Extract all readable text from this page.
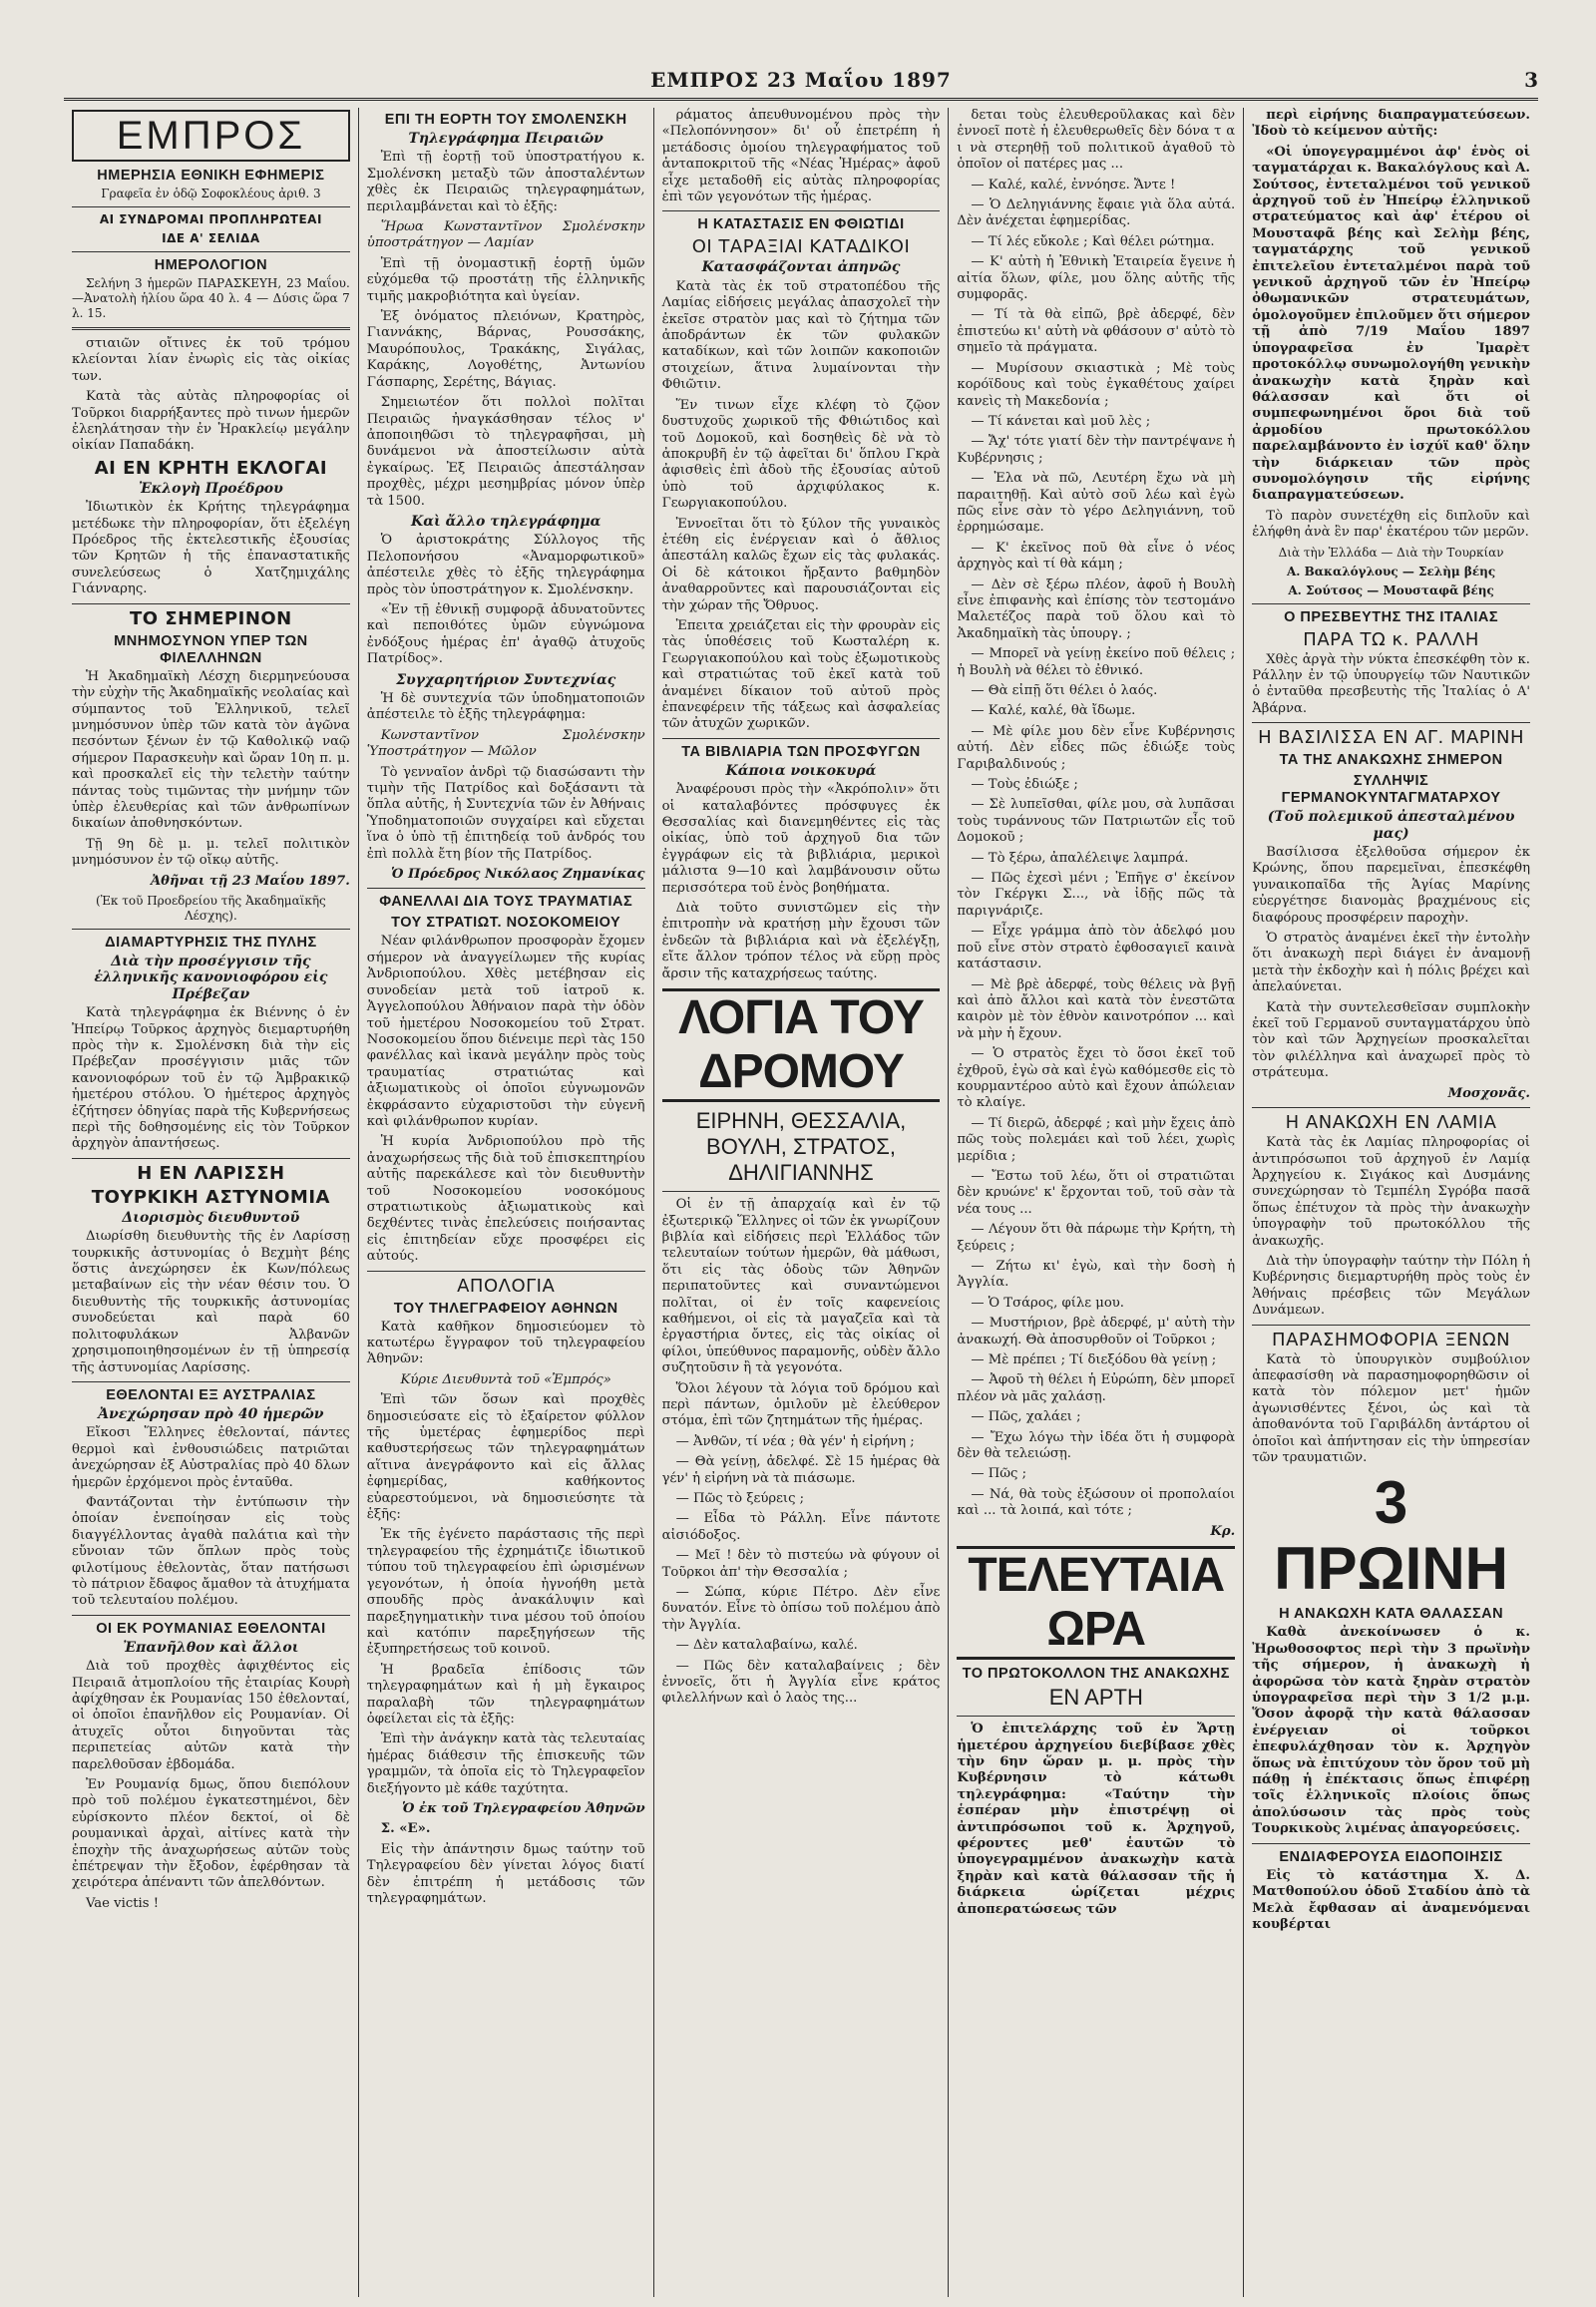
ΕΜΠΡΟΣ 23 Μαΐου 1897	3
ΕΜΠΡΟΣ
ΗΜΕΡΗΣΙΑ ΕΘΝΙΚΗ ΕΦΗΜΕΡΙΣ

Γραφεῖα ἐν ὁδῷ Σοφοκλέους ἀριθ. 3

ΑΙ ΣΥΝΔΡΟΜΑΙ ΠΡΟΠΛΗΡΩΤΕΑΙ
ΙΔΕ Α' ΣΕΛΙΔΑ
ΗΜΕΡΟΛΟΓΙΟΝ

Σελήνη 3 ἡμερῶν ΠΑΡΑΣΚΕΥΗ, 23 Μαΐου.—Ἀνατολὴ ἡλίου ὥρα 40 λ. 4 — Δύσις ὥρα 7 λ. 15.

στιαιῶν οἴτινες ἐκ τοῦ τρόμου κλείονται λίαν ἐνωρὶς εἰς τὰς οἰκίας των.

Κατὰ τὰς αὐτὰς πληροφορίας οἱ Τοῦρκοι διαρρήξαντες πρὸ τινων ἡμερῶν ἐλεηλάτησαν τὴν ἐν Ἡρακλείῳ μεγάλην οἰκίαν Παπαδάκη.

ΑΙ ΕΝ ΚΡΗΤΗ ΕΚΛΟΓΑΙ
Ἐκλογὴ Προέδρου

Ἰδιωτικὸν ἐκ Κρήτης τηλεγράφημα μετέδωκε τὴν πληροφορίαν, ὅτι ἐξελέγη Πρόεδρος τῆς ἐκτελεστικῆς ἐξουσίας τῶν Κρητῶν ἡ τῆς ἐπαναστατικῆς συνελεύσεως ὁ Χατζημιχάλης Γιάνναρης.

ΤΟ ΣΗΜΕΡΙΝΟΝ
ΜΝΗΜΟΣΥΝΟΝ ΥΠΕΡ ΤΩΝ ΦΙΛΕΛΛΗΝΩΝ

Ἡ Ἀκαδημαϊκὴ Λέσχη διερμηνεύουσα τὴν εὐχὴν τῆς Ἀκαδημαϊκῆς νεολαίας καὶ σύμπαντος τοῦ Ἑλληνικοῦ, τελεῖ μνημόσυνον ὑπὲρ τῶν κατὰ τὸν ἀγῶνα πεσόντων ξένων ἐν τῷ Καθολικῷ ναῷ σήμερον Παρασκευὴν καὶ ὥραν 10η π. μ. καὶ προσκαλεῖ εἰς τὴν τελετὴν ταύτην πάντας τοὺς τιμῶντας τὴν μνήμην τῶν ὑπὲρ ἐλευθερίας καὶ τῶν ἀνθρωπίνων δικαίων ἀποθνησκόντων.

Τῇ 9η δὲ μ. μ. τελεῖ πολιτικὸν μνημόσυνον ἐν τῷ οἴκῳ αὐτῆς.

Ἀθῆναι τῇ 23 Μαΐου 1897.

(Ἐκ τοῦ Προεδρείου τῆς Ἀκαδημαϊκῆς Λέσχης).

ΔΙΑΜΑΡΤΥΡΗΣΙΣ ΤΗΣ ΠΥΛΗΣ
Διὰ τὴν προσέγγισιν τῆς ἑλληνικῆς κανονιοφόρου εἰς Πρέβεζαν

Κατὰ τηλεγράφημα ἐκ Βιέννης ὁ ἐν Ἠπείρῳ Τοῦρκος ἀρχηγὸς διεμαρτυρήθη πρὸς τὴν κ. Σμολένσκη διὰ τὴν εἰς Πρέβεζαν προσέγγισιν μιᾶς τῶν κανονιοφόρων τοῦ ἐν τῷ Ἀμβρακικῷ ἡμετέρου στόλου. Ὁ ἡμέτερος ἀρχηγὸς ἐζήτησεν ὁδηγίας παρὰ τῆς Κυβερνήσεως περὶ τῆς δοθησομένης εἰς τὸν Τοῦρκον ἀρχηγὸν ἀπαντήσεως.

Η ΕΝ ΛΑΡΙΣΣΗ
ΤΟΥΡΚΙΚΗ ΑΣΤΥΝΟΜΙΑ
Διορισμὸς διευθυντοῦ

Διωρίσθη διευθυντὴς τῆς ἐν Λαρίσσῃ τουρκικῆς ἀστυνομίας ὁ Βεχμὴτ βέης ὅστις ἀνεχώρησεν ἐκ Κων/πόλεως μεταβαίνων εἰς τὴν νέαν θέσιν του. Ὁ διευθυντὴς τῆς τουρκικῆς ἀστυνομίας συνοδεύεται καὶ παρὰ 60 πολιτοφυλάκων Ἀλβανῶν χρησιμοποιηθησομένων ἐν τῇ ὑπηρεσίᾳ τῆς ἀστυνομίας Λαρίσσης.

ΕΘΕΛΟΝΤΑΙ ΕΞ ΑΥΣΤΡΑΛΙΑΣ
Ἀνεχώρησαν πρὸ 40 ἡμερῶν

Εἴκοσι Ἕλληνες ἐθελονταί, πάντες θερμοὶ καὶ ἐνθουσιώδεις πατριῶται ἀνεχώρησαν ἐξ Αὐστραλίας πρὸ 40 δλων ἡμερῶν ἐρχόμενοι πρὸς ἐνταῦθα.

Φαντάζονται τὴν ἐντύπωσιν τὴν ὁποίαν ἐνεποίησαν εἰς τοὺς διαγγέλλοντας ἀγαθὰ παλάτια καὶ τὴν εὔνοιαν τῶν ὅπλων πρὸς τοὺς φιλοτίμους ἐθελοντὰς, ὅταν πατήσωσι τὸ πάτριον ἔδαφος ἄμαθον τὰ ἀτυχήματα τοῦ τελευταίου πολέμου.

ΟΙ ΕΚ ΡΟΥΜΑΝΙΑΣ ΕΘΕΛΟΝΤΑΙ
Ἐπανῆλθον καὶ ἄλλοι

Διὰ τοῦ προχθὲς ἀφιχθέντος εἰς Πειραιᾶ ἀτμοπλοίου τῆς ἑταιρίας Κουρὴ ἀφίχθησαν ἐκ Ρουμανίας 150 ἐθελονταί, οἱ ὁποῖοι ἐπανῆλθον εἰς Ρουμανίαν. Οἱ ἀτυχεῖς οὗτοι διηγοῦνται τὰς περιπετείας αὐτῶν κατὰ τὴν παρελθοῦσαν ἑβδομάδα.

Ἐν Ρουμανίᾳ δμως, ὅπου διεπόλουν πρὸ τοῦ πολέμου ἐγκατεστημένοι, δὲν εὐρίσκοντο πλέον δεκτοί, οἱ δὲ ρουμανικαὶ ἀρχαὶ, αἰτίνες κατὰ τὴν ἐποχὴν τῆς ἀναχωρήσεως αὐτῶν τοὺς ἐπέτρεψαν τὴν ἔξοδον, ἐφέρθησαν τὰ χειρότερα ἀπέναντι τῶν ἀπελθόντων.

Vae victis !

ΕΠΙ ΤΗ ΕΟΡΤΗ ΤΟΥ ΣΜΟΛΕΝΣΚΗ
Τηλεγράφημα Πειραιῶν

Ἐπὶ τῇ ἑορτῇ τοῦ ὑποστρατήγου κ. Σμολένσκη μεταξὺ τῶν ἀποσταλέντων χθὲς ἐκ Πειραιῶς τηλεγραφημάτων, περιλαμβάνεται καὶ τὸ ἑξῆς:

Ἥρωα Κωνσταντῖνον Σμολένσκην ὑποστράτηγον — Λαμίαν

Ἐπὶ τῇ ὀνομαστικῇ ἑορτῇ ὑμῶν εὐχόμεθα τῷ προστάτῃ τῆς ἑλληνικῆς τιμῆς μακροβιότητα καὶ ὑγείαν.

Ἐξ ὀνόματος πλειόνων, Κρατηρὸς, Γιαννάκης, Βάρνας, Ρουσσάκης, Μαυρόπουλος, Τρακάκης, Σιγάλας, Καράκης, Λογοθέτης, Ἀντωνίου Γάσπαρης, Σερέτης, Βάγιας.

Σημειωτέον ὅτι πολλοὶ πολῖται Πειραιῶς ἠναγκάσθησαν τέλος ν' ἀποποιηθῶσι τὸ τηλεγραφῆσαι, μὴ δυνάμενοι νὰ ἀποστείλωσιν αὐτὰ ἐγκαίρως. Ἐξ Πειραιῶς ἀπεστάλησαν προχθὲς, μέχρι μεσημβρίας μόνον ὑπὲρ τὰ 1500.

Καὶ ἄλλο τηλεγράφημα

Ὁ ἀριστοκράτης Σύλλογος τῆς Πελοπονήσου «Ἀναμορφωτικοῦ» ἀπέστειλε χθὲς τὸ ἑξῆς τηλεγράφημα πρὸς τὸν ὑποστράτηγον κ. Σμολένσκην.

«Ἐν τῇ ἐθνικῇ συμφορᾷ ἀδυνατοῦντες καὶ πεποιθότες ὑμῶν εὐγνώμονα ἐνδόξους ἡμέρας ἐπ' ἀγαθῷ ἀτυχοῦς Πατρίδος».

Συγχαρητήριον Συντεχνίας

Ἡ δὲ συντεχνία τῶν ὑποδηματοποιῶν ἀπέστειλε τὸ ἑξῆς τηλεγράφημα:

Κωνσταντῖνον Σμολένσκην Ὑποστράτηγον — Μῶλον

Τὸ γενναῖον ἀνδρὶ τῷ διασώσαντι τὴν τιμὴν τῆς Πατρίδος καὶ δοξάσαντι τὰ ὅπλα αὐτῆς, ἡ Συντεχνία τῶν ἐν Ἀθήναις Ὑποδηματοποιῶν συγχαίρει καὶ εὔχεται ἵνα ὁ ὑπὸ τῇ ἐπιτηδείᾳ τοῦ ἀνδρός του ἐπὶ πολλὰ ἔτη βίον τῆς Πατρίδος.

Ὁ Πρόεδρος Νικόλαος Ζημανίκας

ΦΑΝΕΛΛΑΙ ΔΙΑ ΤΟΥΣ ΤΡΑΥΜΑΤΙΑΣ
ΤΟΥ ΣΤΡΑΤΙΩΤ. ΝΟΣΟΚΟΜΕΙΟΥ

Νέαν φιλάνθρωπον προσφορὰν ἔχομεν σήμερον νὰ ἀναγγείλωμεν τῆς κυρίας Ἀνδριοπούλου. Χθὲς μετέβησαν εἰς συνοδείαν μετὰ τοῦ ἰατροῦ κ. Ἀγγελοπούλου Ἀθήναιον παρὰ τὴν ὁδὸν τοῦ ἡμετέρου Νοσοκομείου τοῦ Στρατ. Νοσοκομείου ὅπου διένειμε περὶ τὰς 150 φανέλλας καὶ ἱκανὰ μεγάλην πρὸς τοὺς τραυματίας στρατιώτας καὶ ἀξιωματικοὺς οἱ ὁποῖοι εὐγνωμονῶν ἐκφράσαντο εὐχαριστοῦσι τὴν εὐγενῆ καὶ φιλάνθρωπον κυρίαν.

Ἡ κυρία Ἀνδριοπούλου πρὸ τῆς ἀναχωρήσεως τῆς διὰ τοῦ ἐπισκεπτηρίου αὐτῆς παρεκάλεσε καὶ τὸν διευθυντὴν τοῦ Νοσοκομείου νοσοκόμους στρατιωτικοὺς ἀξιωματικοὺς καὶ δεχθέντες τινὰς ἐπελεύσεις ποιήσαντας εἰς ἐπιτηδείαν εὔχε προσφέρει εἰς αὐτούς.

ΑΠΟΛΟΓΙΑ
ΤΟΥ ΤΗΛΕΓΡΑΦΕΙΟΥ ΑΘΗΝΩΝ

Κατὰ καθῆκον δημοσιεύομεν τὸ κατωτέρω ἔγγραφον τοῦ τηλεγραφείου Ἀθηνῶν:

Κύριε Διευθυντὰ τοῦ «Ἐμπρός»

Ἐπὶ τῶν ὅσων καὶ προχθὲς δημοσιεύσατε εἰς τὸ ἐξαίρετον φύλλον τῆς ὑμετέρας ἐφημερίδος περὶ καθυστερήσεως τῶν τηλεγραφημάτων αἵτινα ἀνεγράφοντο καὶ εἰς ἄλλας ἐφημερίδας, καθήκοντος εὐαρεστούμενοι, νὰ δημοσιεύσητε τὰ ἑξῆς:

Ἐκ τῆς ἐγένετο παράστασις τῆς περὶ τηλεγραφείου τῆς ἐχρημάτιζε ἰδιωτικοῦ τύπου τοῦ τηλεγραφείου ἐπὶ ὡρισμένων γεγονότων, ἡ ὁποία ἠγνοήθη μετὰ σπουδῆς πρὸς ἀνακάλυψιν καὶ παρεξηγηματικὴν τινα μέσου τοῦ ὁποίου καὶ κατόπιν παρεξηγήσεων τῆς ἐξυπηρετήσεως τοῦ κοινοῦ.

Ἡ βραδεῖα ἐπίδοσις τῶν τηλεγραφημάτων καὶ ἡ μὴ ἔγκαιρος παραλαβὴ τῶν τηλεγραφημάτων ὀφείλεται εἰς τὰ ἐξῆς:

Ἐπὶ τὴν ἀνάγκην κατὰ τὰς τελευταίας ἡμέρας διάθεσιν τῆς ἐπισκευῆς τῶν γραμμῶν, τὰ ὁποῖα εἰς τὸ Τηλεγραφεῖον διεξήγοντο μὲ κάθε ταχύτητα.

Ὁ ἐκ τοῦ Τηλεγραφείου Ἀθηνῶν

Σ. «Ε».

Εἰς τὴν ἀπάντησιν δμως ταύτην τοῦ Τηλεγραφείου δὲν γίνεται λόγος διατί δὲν ἐπιτρέπη ἡ μετάδοσις τῶν τηλεγραφημάτων.

ράματος ἀπευθυνομένου πρὸς τὴν «Πελοπόννησον» δι' οὗ ἐπετρέπη ἡ μετάδοσις ὁμοίου τηλεγραφήματος τοῦ ἀνταποκριτοῦ τῆς «Νέας Ἡμέρας» ἀφοῦ εἶχε μεταδοθῆ εἰς αὐτὰς πληροφορίας ἐπὶ τῶν γεγονότων τῆς ἡμέρας.

Η ΚΑΤΑΣΤΑΣΙΣ ΕΝ ΦΘΙΩΤΙΔΙ
ΟΙ ΤΑΡΑΞΙΑΙ ΚΑΤΑΔΙΚΟΙ
Κατασφάζονται ἀπηνῶς

Κατὰ τὰς ἐκ τοῦ στρατοπέδου τῆς Λαμίας εἰδήσεις μεγάλας ἀπασχολεῖ τὴν ἐκεῖσε στρατὸν μας καὶ τὸ ζήτημα τῶν ἀποδράντων ἐκ τῶν φυλακῶν καταδίκων, καὶ τῶν λοιπῶν κακοποιῶν στοιχείων, ἅτινα λυμαίνονται τὴν Φθιῶτιν.

Ἕν τινων εἶχε κλέφη τὸ ζῷον δυστυχοῦς χωρικοῦ τῆς Φθιώτιδος καὶ τοῦ Δομοκοῦ, καὶ δοσηθεὶς δὲ νὰ τὸ ἀποκρυβῆ ἐν τῷ ἀφεῖται δι' ὅπλου Γκρὰ ἀφισθεὶς ἐπὶ ἀδοὺ τῆς ἐξουσίας αὐτοῦ ὑπὸ τοῦ ἀρχιφύλακος κ. Γεωργιακοπούλου.

Ἐννοεῖται ὅτι τὸ ξύλον τῆς γυναικὸς ἐτέθη εἰς ἐνέργειαν καὶ ὁ ἄθλιος ἀπεστάλη καλῶς ἔχων εἰς τὰς φυλακάς. Οἱ δὲ κάτοικοι ἤρξαντο βαθμηδὸν ἀναθαρροῦντες καὶ παρουσιάζονται εἰς τὴν χώραν τῆς Ὄθρυος.

Ἐπειτα χρειάζεται εἰς τὴν φρουρὰν εἰς τὰς ὑποθέσεις τοῦ Κωσταλέρη κ. Γεωργιακοπούλου καὶ τοὺς ἐξωμοτικοὺς καὶ στρατιώτας τοῦ ἐκεῖ κατὰ τοῦ ἀναμένει δίκαιον τοῦ αὐτοῦ πρὸς ἐπανεφέρειν τῆς τάξεως καὶ ἀσφαλείας τῶν ἀτυχῶν χωρικῶν.

ΤΑ ΒΙΒΛΙΑΡΙΑ ΤΩΝ ΠΡΟΣΦΥΓΩΝ
Κάποια νοικοκυρά

Ἀναφέρουσι πρὸς τὴν «Ἀκρόπολιν» ὅτι οἱ καταλαβόντες πρόσφυγες ἐκ Θεσσαλίας καὶ διανεμηθέντες εἰς τὰς οἰκίας, ὑπὸ τοῦ ἀρχηγοῦ δια τῶν ἐγγράφων εἰς τὰ βιβλιάρια, μερικοὶ μάλιστα 9—10 καὶ λαμβάνουσιν οὕτω περισσότερα τοῦ ἑνὸς βοηθήματα.

Διὰ τοῦτο συνιστῶμεν εἰς τὴν ἐπιτροπὴν νὰ κρατήσῃ μὴν ἔχουσι τῶν ἐνδεῶν τὰ βιβλιάρια καὶ νὰ ἐξελέγξῃ, εἴτε ἄλλον τρόπον τέλος νὰ εὕρῃ πρὸς ἄρσιν τῆς καταχρήσεως ταύτης.

ΛΟΓΙΑ ΤΟΥ ΔΡΟΜΟΥ
ΕΙΡΗΝΗ, ΘΕΣΣΑΛΙΑ, ΒΟΥΛΗ, ΣΤΡΑΤΟΣ, ΔΗΛΙΓΙΑΝΝΗΣ

Οἱ ἐν τῇ ἀπαρχαίᾳ καὶ ἐν τῷ ἐξωτερικῷ Ἕλληνες οἱ τῶν ἐκ γνωρίζουν βιβλία καὶ εἰδήσεις περὶ Ἑλλάδος τῶν τελευταίων τούτων ἡμερῶν, θὰ μάθωσι, ὅτι εἰς τὰς ὁδοὺς τῶν Ἀθηνῶν περιπατοῦντες καὶ συναντώμενοι πολῖται, οἱ ἐν τοῖς καφενείοις καθήμενοι, οἱ εἰς τὰ μαγαζεῖα καὶ τὰ ἐργαστήρια ὄντες, εἰς τὰς οἰκίας οἱ φίλοι, ὑπεύθυνος παραμονῆς, οὐδὲν ἄλλο συζητοῦσιν ἢ τὰ γεγονότα.

Ὅλοι λέγουν τὰ λόγια τοῦ δρόμου καὶ περὶ πάντων, ὁμιλοῦν μὲ ἐλεύθερον στόμα, ἐπὶ τῶν ζητημάτων τῆς ἡμέρας.

— Ἀνθῶν, τί νέα ; θὰ γέν' ἡ εἰρήνη ;

— Θὰ γείνῃ, ἀδελφέ. Σὲ 15 ἡμέρας θὰ γέν' ἡ εἰρήνη νὰ τὰ πιάσωμε.

— Πῶς τὸ ξεύρεις ;

— Εἶδα τὸ Ράλλη. Εἶνε πάντοτε αἰσιόδοξος.

— Μεῖ ! δὲν τὸ πιστεύω νὰ φύγουν οἱ Τοῦρκοι ἀπ' τὴν Θεσσαλία ;

— Σώπα, κύριε Πέτρο. Δὲν εἶνε δυνατόν. Εἶνε τὸ ὀπίσω τοῦ πολέμου ἀπὸ τὴν Ἀγγλία.

— Δὲν καταλαβαίνω, καλέ.

— Πῶς δὲν καταλαβαίνεις ; δὲν ἐννοεῖς, ὅτι ἡ Ἀγγλία εἶνε κράτος φιλελλήνων καὶ ὁ λαὸς της...

δεται τοὺς ἐλευθεροῦλακας καὶ δὲν ἐννοεῖ ποτὲ ἡ ἐλευθερωθεῖς δὲν δόνα τ α ι νὰ στερηθῇ τοῦ πολιτικοῦ ἀγαθοῦ τὸ ὁποῖον οἱ πατέρες μας ...

— Καλέ, καλέ, ἐννόησε. Ἄντε !

— Ὁ Δεληγιάννης ἔφαιε γιὰ ὅλα αὐτά. Δὲν ἀνέχεται ἐφημερίδας.

— Τί λές εὔκολε ; Καὶ θέλει ρώτημα.

— Κ' αὐτὴ ἡ Ἐθνικὴ Ἑταιρεία ἔγεινε ἡ αἰτία ὅλων, φίλε, μου ὅλης αὐτῆς τῆς συμφορᾶς.

— Τί τὰ θὰ εἰπῶ, βρὲ ἀδερφέ, δὲν ἐπιστεύω κι' αὐτὴ νὰ φθάσουν σ' αὐτὸ τὸ σημεῖο τὰ πράγματα.

— Μυρίσουν σκιαστικὰ ; Μὲ τοὺς κορόϊδους καὶ τοὺς ἐγκαθέτους χαίρει κανεὶς τὴ Μακεδονία ;

— Τί κάνεται καὶ μοῦ λὲς ;

— Ἄχ' τότε γιατί δὲν τὴν παντρέψανε ἡ Κυβέρνησις ;

— Ἐλα νὰ πῶ, Λευτέρη ἔχω νὰ μὴ παραιτηθῇ. Καὶ αὐτὸ σοῦ λέω καὶ ἐγὼ πῶς εἶνε σὰν τὸ γέρο Δεληγιάννη, τοῦ ἐρρημώσαμε.

— Κ' ἐκεῖνος ποῦ θὰ εἶνε ὁ νέος ἀρχηγὸς καὶ τί θὰ κάμη ;

— Δὲν σὲ ξέρω πλέον, ἀφοῦ ἡ Βουλὴ εἶνε ἐπιφανὴς καὶ ἐπίσης τὸν τεστομάνο Μαλετέζος παρὰ τοῦ ὅλου καὶ τὸ Ἀκαδημαϊκὴ τὰς ὑπουργ. ;

— Μπορεῖ νὰ γείνῃ ἐκείνο ποῦ θέλεις ; ἡ Βουλὴ νὰ θέλει τὸ ἐθνικό.

— Θὰ εἰπῇ ὅτι θέλει ὁ λαός.

— Καλέ, καλέ, θὰ ἴδωμε.

— Μὲ φίλε μου δὲν εἶνε Κυβέρνησις αὐτή. Δὲν εἶδες πῶς ἐδιώξε τοὺς Γαριβαλδινούς ;

— Τοὺς ἐδιώξε ;

— Σὲ λυπεῖσθαι, φίλε μου, σὰ λυπᾶσαι τοὺς τυράννους τῶν Πατριωτῶν εἶς τοῦ Δομοκοῦ ;

— Τὸ ξέρω, ἀπαλέλειψε λαμπρά.

— Πῶς ἐχεσὶ μένι ; Ἐπῆγε σ' ἐκείνον τὸν Γκέργκι Σ..., νὰ ἰδῇς πῶς τὰ παριγνάριζε.

— Εἶχε γράμμα ἀπὸ τὸν ἀδελφό μου ποῦ εἶνε στὸν στρατὸ ἐφθοσαγιεῖ καινὰ κατάστασιν.

— Μὲ βρὲ ἀδερφέ, τοὺς θέλεις νὰ βγῇ καὶ ἀπὸ ἄλλοι καὶ κατὰ τὸν ἐνεστῶτα καιρὸν μὲ τὸν ἐθνὸν καινοτρόπον ... καὶ νὰ μὴν ἡ ἔχουν.

— Ὁ στρατὸς ἔχει τὸ ὅσοι ἐκεῖ τοῦ ἐχθροῦ, ἐγὼ σὰ καὶ ἐγὼ καθόμεσθε εἰς τὸ κουρμαντέροο αὐτὸ καὶ ἔχουν ἀπώλειαν τὸ κλαίγε.

— Τί διερῶ, ἀδερφέ ; καὶ μὴν ἔχεις ἀπὸ πῶς τοὺς πολεμάει καὶ τοῦ λέει, χωρὶς μερίδια ;

— Ἔστω τοῦ λέω, ὅτι οἱ στρατιῶται δὲν κρυώνε' κ' ἔρχονται τοῦ, τοῦ σὰν τὰ νέα τους ...

— Λέγουν ὅτι θὰ πάρωμε τὴν Κρήτη, τὴ ξεύρεις ;

— Ζήτω κι' ἐγὼ, καὶ τὴν δοσὴ ἡ Ἀγγλία.

— Ὁ Τσάρος, φίλε μου.

— Μυστήριον, βρὲ ἀδερφέ, μ' αὐτὴ τὴν ἀνακωχή. Θὰ ἀποσυρθοῦν οἱ Τοῦρκοι ;

— Μὲ πρέπει ; Τί διεξόδου θὰ γείνῃ ;

— Ἀφοῦ τὴ θέλει ἡ Εὐρώπη, δὲν μπορεῖ πλέον νὰ μᾶς χαλάσῃ.

— Πῶς, χαλάει ;

— Ἔχω λόγω τὴν ἰδέα ὅτι ἡ συμφορὰ δὲν θὰ τελειώσῃ.

— Πῶς ;

— Νά, θὰ τοὺς ἐξώσουν οἱ προπολαίοι καὶ ... τὰ λοιπά, καὶ τότε ;

Κρ.

ΤΕΛΕΥΤΑΙΑ ΩΡΑ
ΤΟ ΠΡΩΤΟΚΟΛΛΟΝ ΤΗΣ ΑΝΑΚΩΧΗΣ
ΕΝ ΑΡΤΗ

Ὁ ἐπιτελάρχης τοῦ ἐν Ἄρτῃ ἡμετέρου ἀρχηγείου διεβίβασε χθὲς τὴν 6ην ὥραν μ. μ. πρὸς τὴν Κυβέρνησιν τὸ κάτωθι τηλεγράφημα: «Ταύτην τὴν ἑσπέραν μὴν ἐπιστρέψῃ οἱ ἀντιπρόσωποι τοῦ κ. Ἀρχηγοῦ, φέροντες μεθ' ἑαυτῶν τὸ ὑπογεγραμμένον ἀνακωχὴν κατὰ ξηρὰν καὶ κατὰ θάλασσαν τῆς ἡ διάρκεια ὡρίζεται μέχρις ἀποπερατώσεως τῶν

περὶ εἰρήνης διαπραγματεύσεων. Ἰδοὺ τὸ κείμενον αὐτῆς:

«Οἱ ὑπογεγραμμένοι ἀφ' ἑνὸς οἱ ταγματάρχαι κ. Βακαλόγλους καὶ Α. Σούτσος, ἐντεταλμένοι τοῦ γενικοῦ ἀρχηγοῦ τοῦ ἐν Ἠπείρῳ ἑλληνικοῦ στρατεύματος καὶ ἀφ' ἑτέρου οἱ Μουσταφᾶ βέης καὶ Σελὴμ βέης, ταγματάρχης τοῦ γενικοῦ ἐπιτελεῖου ἐντεταλμένοι παρὰ τοῦ γενικοῦ ἀρχηγοῦ τῶν ἐν Ἠπείρῳ ὀθωμανικῶν στρατευμάτων, ὁμολογοῦμεν ἐπιλοῦμεν ὅτι σήμερον τῇ ἀπὸ 7/19 Μαΐου 1897 ὑπογραφεῖσα ἐν Ἰμαρὲτ προτοκόλλῳ συνωμολογήθη γενικὴν ἀνακωχὴν κατὰ ξηρὰν καὶ θάλασσαν καὶ ὅτι οἱ συμπεφωνημένοι ὅροι διὰ τοῦ ἀρμοδίου πρωτοκόλλου παρελαμβάνοντο ἐν ἰσχύϊ καθ' ὅλην τὴν διάρκειαν τῶν πρὸς συνομολόγησιν τῆς εἰρήνης διαπραγματεύσεων.

Τὸ παρὸν συνετέχθη εἰς διπλοῦν καὶ ἐλήφθη ἀνὰ ἓν παρ' ἑκατέρου τῶν μερῶν.

Διὰ τὴν Ἑλλάδα — Διὰ τὴν Τουρκίαν

Α. Βακαλόγλους — Σελὴμ βέης

Α. Σούτσος — Μουσταφᾶ βέης

Ο ΠΡΕΣΒΕΥΤΗΣ ΤΗΣ ΙΤΑΛΙΑΣ
ΠΑΡΑ ΤΩ κ. ΡΑΛΛΗ

Χθὲς ἀργὰ τὴν νύκτα ἐπεσκέφθη τὸν κ. Ράλλην ἐν τῷ ὑπουργείῳ τῶν Ναυτικῶν ὁ ἐνταῦθα πρεσβευτὴς τῆς Ἰταλίας ὁ Α' Ἀβάρνα.

Η ΒΑΣΙΛΙΣΣΑ ΕΝ ΑΓ. ΜΑΡΙΝΗ
ΤΑ ΤΗΣ ΑΝΑΚΩΧΗΣ ΣΗΜΕΡΟΝ
ΣΥΛΛΗΨΙΣ ΓΕΡΜΑΝΟΚΥΝΤΑΓΜΑΤΑΡΧΟΥ
(Τοῦ πολεμικοῦ ἀπεσταλμένου μας)

Βασίλισσα ἐξελθοῦσα σήμερον ἐκ Κρώνης, ὅπου παρεμεῖναι, ἐπεσκέφθη γυναικοπαῖδα τῆς Ἁγίας Μαρίνης εὐεργέτησε διανομὰς βραχμένους εἰς διαφόρους προσφέρειν παροχὴν.

Ὁ στρατὸς ἀναμένει ἐκεῖ τὴν ἐντολὴν ὅτι ἀνακωχὴ περὶ διάγει ἐν ἀναμονῇ μετὰ τὴν ἐκδοχὴν καὶ ἡ πόλις βρέχει καὶ ἀπελαύνεται.

Κατὰ τὴν συντελεσθεῖσαν συμπλοκὴν ἐκεῖ τοῦ Γερμανοῦ συνταγματάρχου ὑπὸ τὸν καὶ τῶν Ἀρχηγείων προσκαλεῖται τὸν φιλέλληνα καὶ ἀναχωρεῖ πρὸς τὸ στράτευμα.

Μοσχονᾶς.

Η ΑΝΑΚΩΧΗ ΕΝ ΛΑΜΙΑ

Κατὰ τὰς ἐκ Λαμίας πληροφορίας οἱ ἀντιπρόσωποι τοῦ ἀρχηγοῦ ἐν Λαμίᾳ Ἀρχηγείου κ. Σιγάκος καὶ Δυσμάνης συνεχώρησαν τὸ Τεμπέλη Σγρόβα πασᾶ ὅπως ἐπέτυχον τὰ πρὸς τὴν ἀνακωχὴν ὑπογραφὴν τοῦ πρωτοκόλλου τῆς ἀνακωχῆς.

Διὰ τὴν ὑπογραφὴν ταύτην τὴν Πόλη ἡ Κυβέρνησις διεμαρτυρήθη πρὸς τοὺς ἐν Ἀθήναις πρέσβεις τῶν Μεγάλων Δυνάμεων.

ΠΑΡΑΣΗΜΟΦΟΡΙΑ ΞΕΝΩΝ

Κατὰ τὸ ὑπουργικὸν συμβούλιον ἀπεφασίσθη νὰ παρασημοφορηθῶσιν οἱ κατὰ τὸν πόλεμον μετ' ἡμῶν ἀγωνισθέντες ξένοι, ὡς καὶ τὰ ἀποθανόντα τοῦ Γαριβάλδη ἀντάρτου οἱ ὁποῖοι καὶ ἀπήντησαν εἰς τὴν ὑπηρεσίαν τῶν τραυματιῶν.

3 ΠΡΩΙΝΗ
Η ΑΝΑΚΩΧΗ ΚΑΤΑ ΘΑΛΑΣΣΑΝ

Καθὰ ἀνεκοίνωσεν ὁ κ. Ἠρωθοσοφτος περὶ τὴν 3 πρωϊνὴν τῆς σήμερον, ἡ ἀνακωχὴ ἡ ἀφορῶσα τὸν κατὰ ξηρὰν στρατὸν ὑπογραφεῖσα περὶ τὴν 3 1/2 μ.μ. Ὅσον ἀφορᾷ τὴν κατὰ θάλασσαν ἐνέργειαν οἱ τοῦρκοι ἐπεφυλάχθησαν τὸν κ. Ἀρχηγὸν ὅπως νὰ ἐπιτύχουν τὸν ὅρον τοῦ μὴ πάθῃ ἡ ἐπέκτασις ὅπως ἐπιφέρῃ τοῖς ἑλληνικοῖς πλοίοις ὅπως ἀπολύσωσιν τὰς πρὸς τοὺς Τουρκικοὺς λιμένας ἀπαγορεύσεις.

ΕΝΔΙΑΦΕΡΟΥΣΑ ΕΙΔΟΠΟΙΗΣΙΣ

Εἰς τὸ κατάστημα Χ. Δ. Ματθοπούλου ὁδοῦ Σταδίου ἀπὸ τὰ Μελὰ ἔφθασαν αἱ ἀναμενόμεναι κουβέρται
